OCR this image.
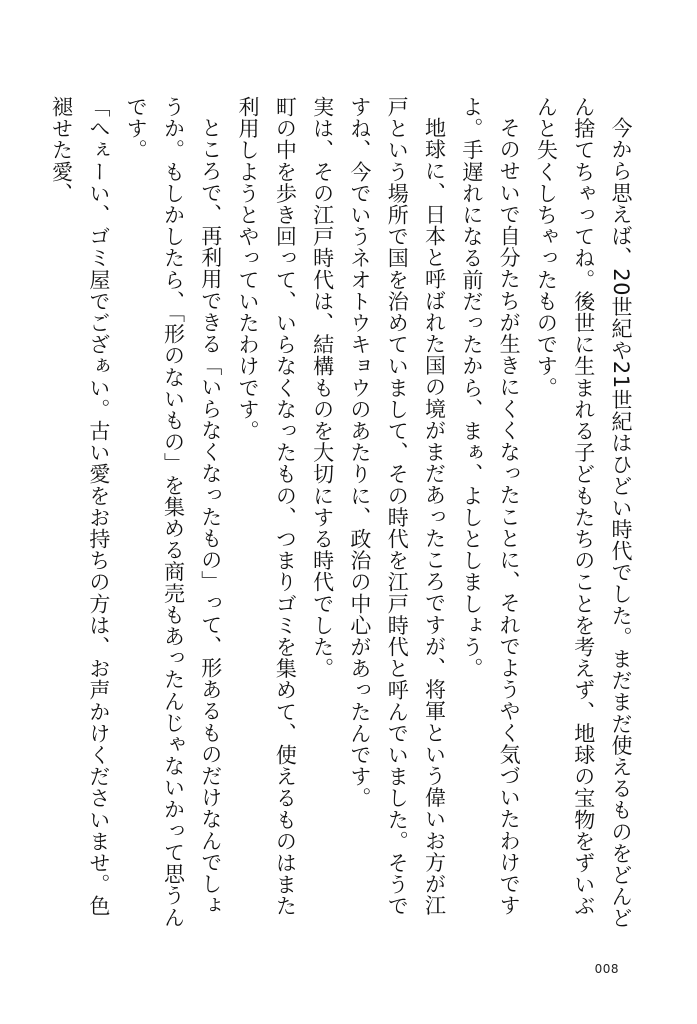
今から思えば、20世紀や21世紀はひどい時代でした。まだまだ使えるものをどんどん捨てちゃってね。後世に生まれる子どもたちのことを考えず、地球の宝物をずいぶんと失くしちゃったものです。

そのせいで自分たちが生きにくくなったことに、それでようやく気づいたわけですよ。手遅れになる前だったから、まぁ、よしとしましょう。

地球に、日本と呼ばれた国の境がまだあったころですが、将軍という偉いお方が江戸という場所で国を治めていまして、その時代を江戸時代と呼んでいました。そうですね、今でいうネオトウキョウのあたりに、政治の中心があったんです。

実は、その江戸時代は、結構ものを大切にする時代でした。

町の中を歩き回って、いらなくなったもの、つまりゴミを集めて、使えるものはまた利用しようとやっていたわけです。

ところで、再利用できる「いらなくなったもの」って、形あるものだけなんでしょうか。もしかしたら、「形のないもの」を集める商売もあったんじゃないかって思うんです。

「へぇーい、ゴミ屋でござぁい。古い愛をお持ちの方は、お声かけくださいませ。色褪せた愛、

008
